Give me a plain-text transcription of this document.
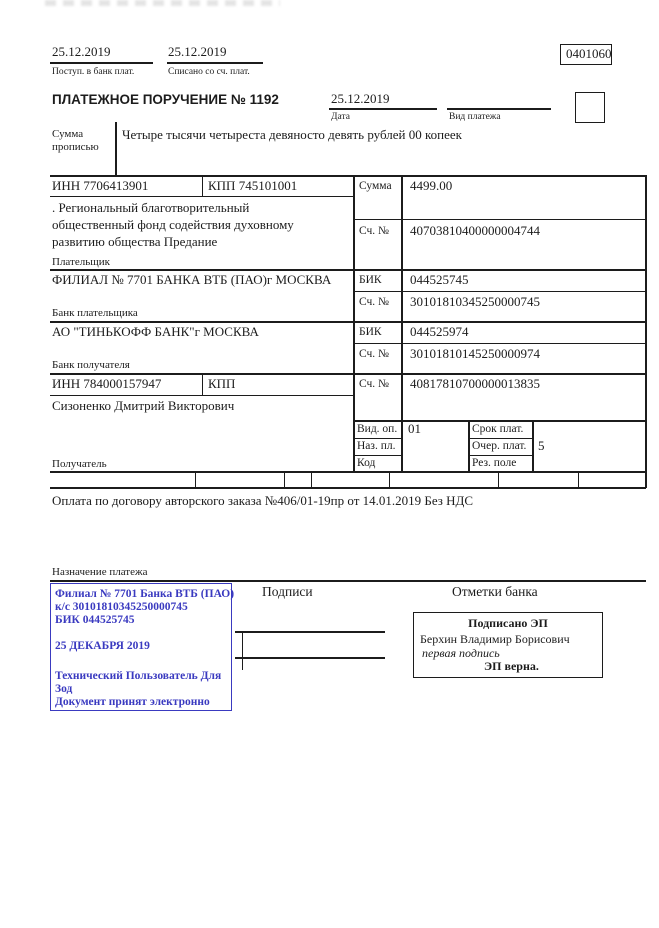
25.12.2019
Поступ. в банк плат.
25.12.2019
Списано со сч. плат.
0401060
ПЛАТЕЖНОЕ ПОРУЧЕНИЕ № 1192	25.12.2019
Дата	Вид платежа
Сумма
прописью
Четыре тысячи четыреста девяносто девять рублей 00 копеек
ИНН 7706413901	КПП 745101001
. Региональный благотворительный
общественный фонд содействия духовному
развитию общества Предание
Плательщик
ФИЛИАЛ № 7701 БАНКА ВТБ (ПАО)г МОСКВА
Банк плательщика
АО "ТИНЬКОФФ БАНК"г МОСКВА
Банк получателя
ИНН 784000157947	КПП
Сизоненко Дмитрий Викторович
Получатель
Сумма 4499.00
Сч. № 40703810400000004744
БИК 044525745
Сч. № 30101810345250000745
БИК 044525974
Сч. № 30101810145250000974
Сч. № 40817810700000013835
Вид. оп. 01	Срок плат.
Наз. пл.	Очер. плат. 5
Код	Рез. поле
Оплата по договору авторского заказа №406/01-19пр от 14.01.2019 Без НДС
Назначение платежа
Филиал № 7701 Банка ВТБ (ПАО)
к/с 30101810345250000745
БИК 044525745
25 ДЕКАБРЯ 2019
Технический Пользователь Для
Зод
Документ принят электронно
Подписи	Отметки банка
Подписано ЭП
Берхин Владимир Борисович
первая подпись
ЭП верна.
